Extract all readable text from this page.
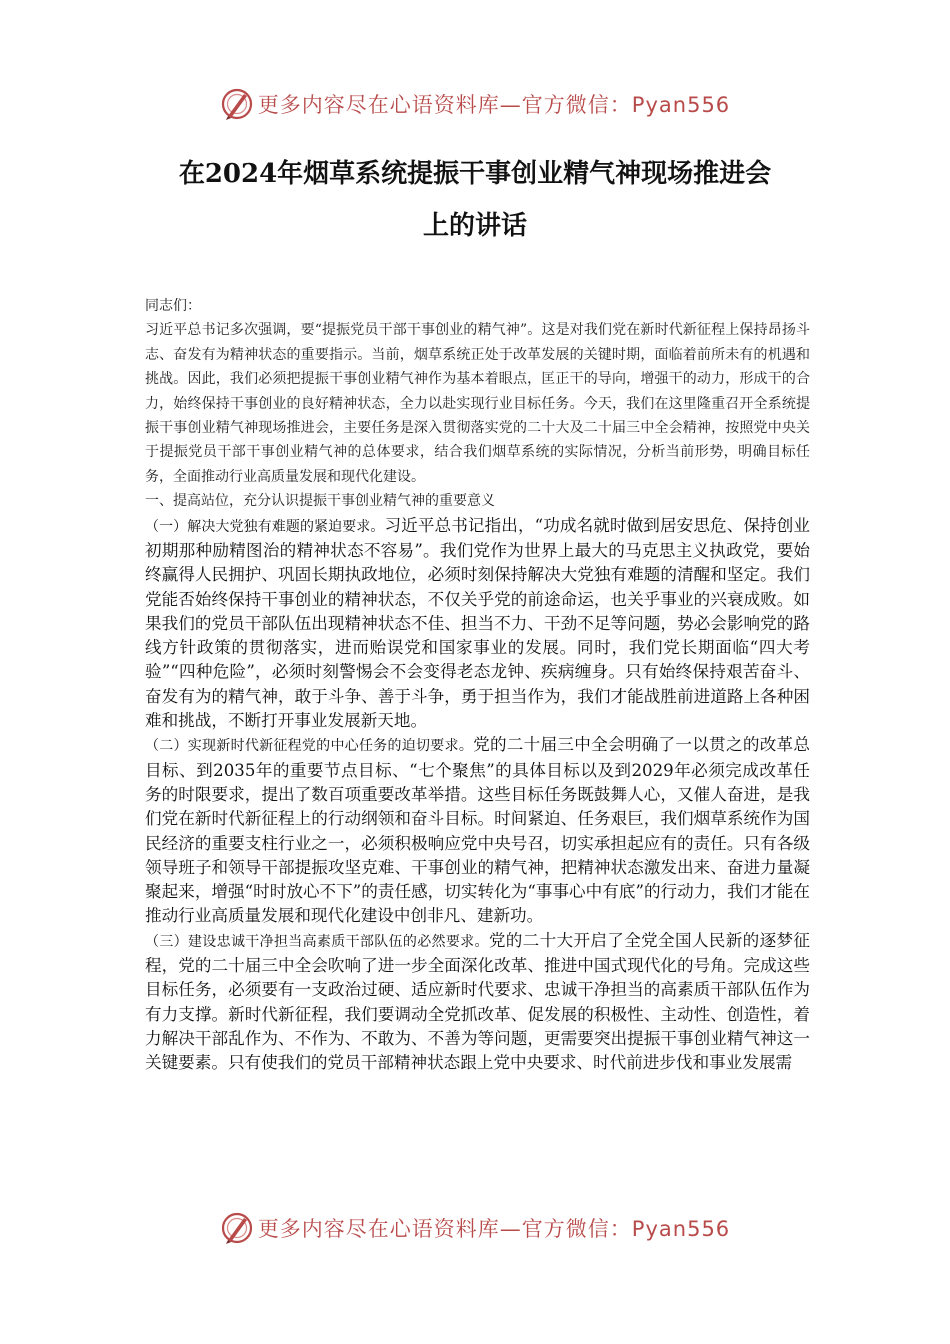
更多内容尽在心语资料库—官方微信：Pyan556
在2024年烟草系统提振干事创业精气神现场推进会
上的讲话

同志们：

习近平总书记多次强调，要“提振党员干部干事创业的精气神”。这是对我们党在新时代新征程上保持昂扬斗志、奋发有为精神状态的重要指示。当前，烟草系统正处于改革发展的关键时期，面临着前所未有的机遇和挑战。因此，我们必须把提振干事创业精气神作为基本着眼点，匡正干的导向，增强干的动力，形成干的合力，始终保持干事创业的良好精神状态，全力以赴实现行业目标任务。今天，我们在这里隆重召开全系统提振干事创业精气神现场推进会，主要任务是深入贯彻落实党的二十大及二十届三中全会精神，按照党中央关于提振党员干部干事创业精气神的总体要求，结合我们烟草系统的实际情况，分析当前形势，明确目标任务，全面推动行业高质量发展和现代化建设。

一、提高站位，充分认识提振干事创业精气神的重要意义

（一）解决大党独有难题的紧迫要求。习近平总书记指出，“功成名就时做到居安思危、保持创业初期那种励精图治的精神状态不容易”。我们党作为世界上最大的马克思主义执政党，要始终赢得人民拥护、巩固长期执政地位，必须时刻保持解决大党独有难题的清醒和坚定。我们党能否始终保持干事创业的精神状态，不仅关乎党的前途命运，也关乎事业的兴衰成败。如果我们的党员干部队伍出现精神状态不佳、担当不力、干劲不足等问题，势必会影响党的路线方针政策的贯彻落实，进而贻误党和国家事业的发展。同时，我们党长期面临“四大考验”“四种危险”，必须时刻警惕会不会变得老态龙钟、疾病缠身。只有始终保持艰苦奋斗、奋发有为的精气神，敢于斗争、善于斗争，勇于担当作为，我们才能战胜前进道路上各种困难和挑战，不断打开事业发展新天地。

（二）实现新时代新征程党的中心任务的迫切要求。党的二十届三中全会明确了一以贯之的改革总目标、到2035年的重要节点目标、“七个聚焦”的具体目标以及到2029年必须完成改革任务的时限要求，提出了数百项重要改革举措。这些目标任务既鼓舞人心，又催人奋进，是我们党在新时代新征程上的行动纲领和奋斗目标。时间紧迫、任务艰巨，我们烟草系统作为国民经济的重要支柱行业之一，必须积极响应党中央号召，切实承担起应有的责任。只有各级领导班子和领导干部提振攻坚克难、干事创业的精气神，把精神状态激发出来、奋进力量凝聚起来，增强“时时放心不下”的责任感，切实转化为“事事心中有底”的行动力，我们才能在推动行业高质量发展和现代化建设中创非凡、建新功。

（三）建设忠诚干净担当高素质干部队伍的必然要求。党的二十大开启了全党全国人民新的逐梦征程，党的二十届三中全会吹响了进一步全面深化改革、推进中国式现代化的号角。完成这些目标任务，必须要有一支政治过硬、适应新时代要求、忠诚干净担当的高素质干部队伍作为有力支撑。新时代新征程，我们要调动全党抓改革、促发展的积极性、主动性、创造性，着力解决干部乱作为、不作为、不敢为、不善为等问题，更需要突出提振干事创业精气神这一关键要素。只有使我们的党员干部精神状态跟上党中央要求、时代前进步伐和事业发展需

更多内容尽在心语资料库—官方微信：Pyan556
